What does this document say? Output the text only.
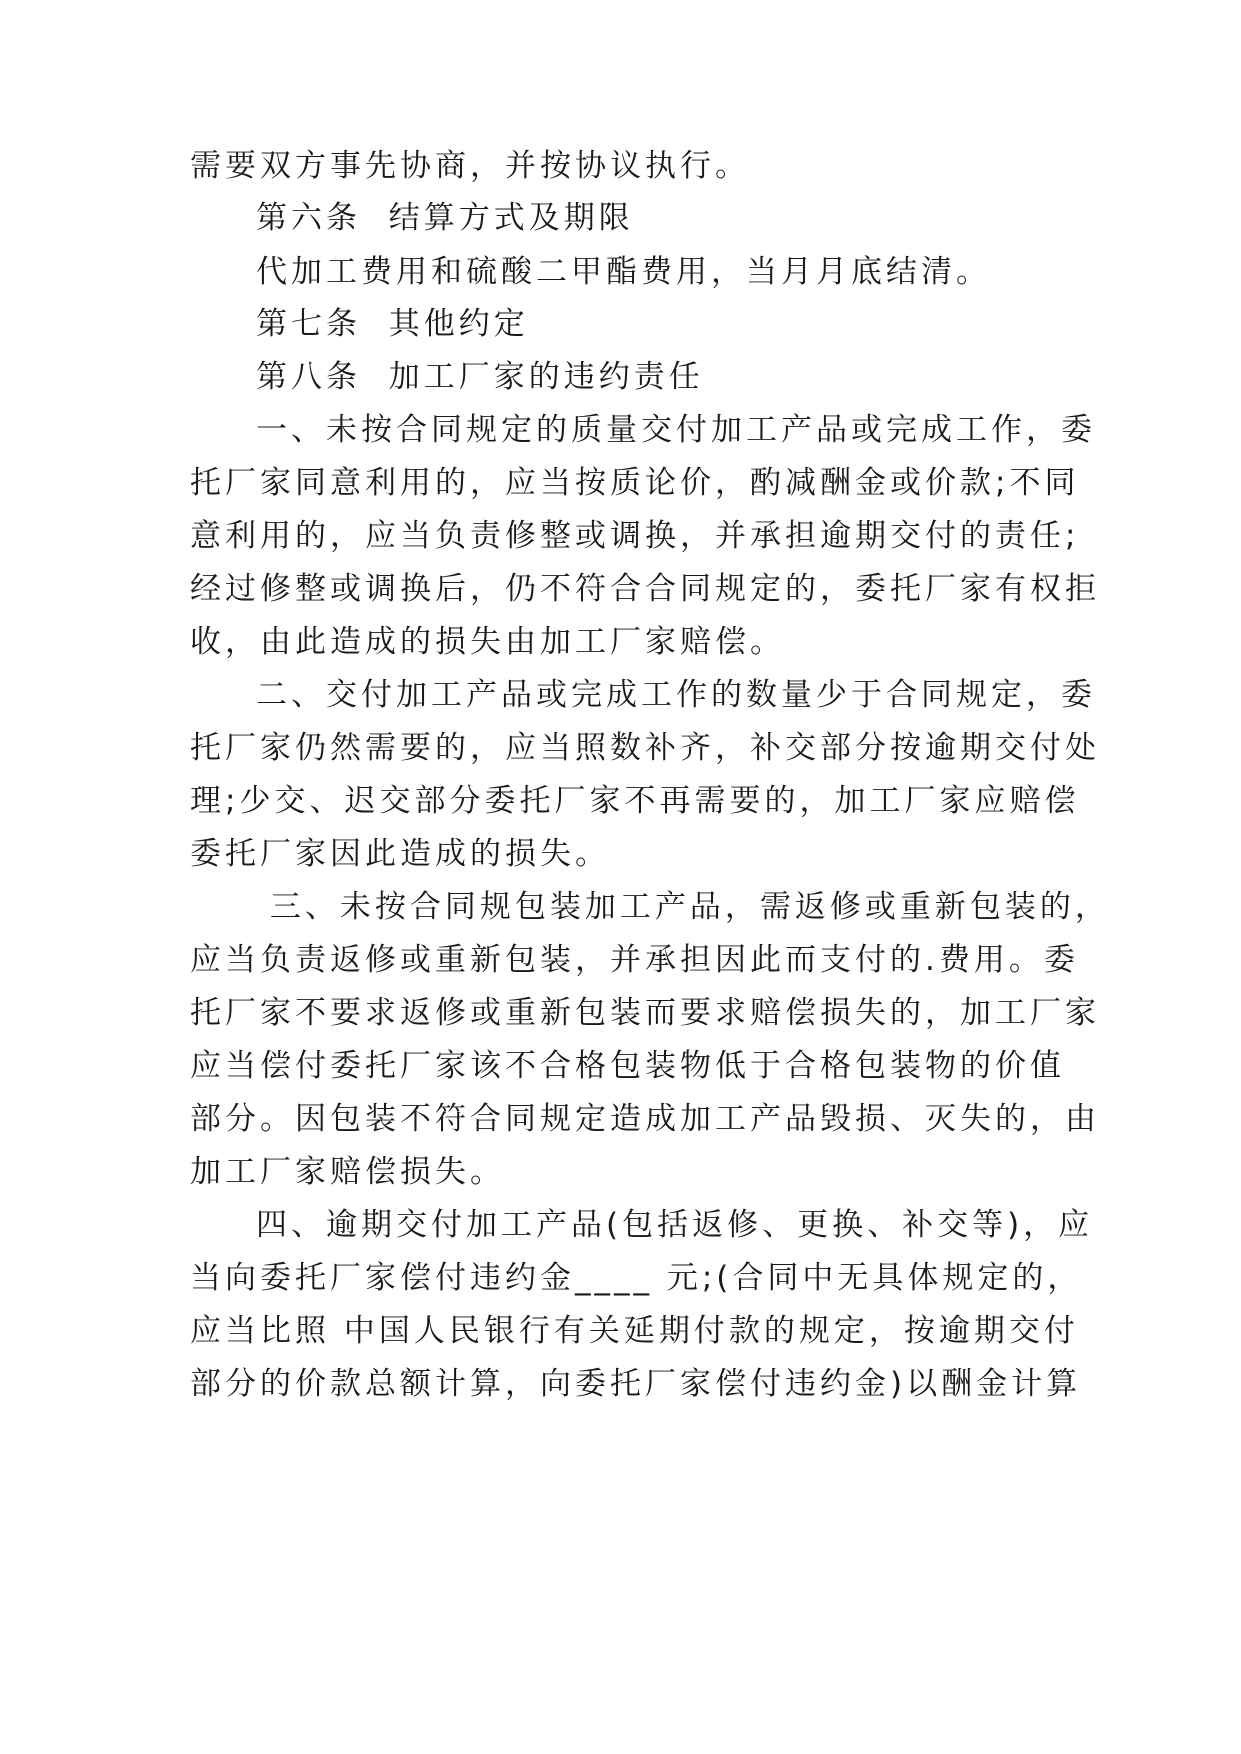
需要双方事先协商，并按协议执行。
第六条  结算方式及期限
代加工费用和硫酸二甲酯费用，当月月底结清。
第七条  其他约定
第八条  加工厂家的违约责任
一、未按合同规定的质量交付加工产品或完成工作，委
托厂家同意利用的，应当按质论价，酌减酬金或价款;不同
意利用的，应当负责修整或调换，并承担逾期交付的责任;
经过修整或调换后，仍不符合合同规定的，委托厂家有权拒
收，由此造成的损失由加工厂家赔偿。
二、交付加工产品或完成工作的数量少于合同规定，委
托厂家仍然需要的，应当照数补齐，补交部分按逾期交付处
理;少交、迟交部分委托厂家不再需要的，加工厂家应赔偿
委托厂家因此造成的损失。
三、未按合同规包装加工产品，需返修或重新包装的，
应当负责返修或重新包装，并承担因此而支付的.费用。委
托厂家不要求返修或重新包装而要求赔偿损失的，加工厂家
应当偿付委托厂家该不合格包装物低于合格包装物的价值
部分。因包装不符合同规定造成加工产品毁损、灭失的，由
加工厂家赔偿损失。
四、逾期交付加工产品(包括返修、更换、补交等)，应
当向委托厂家偿付违约金____ 元;(合同中无具体规定的，
应当比照 中国人民银行有关延期付款的规定，按逾期交付
部分的价款总额计算，向委托厂家偿付违约金)以酬金计算
